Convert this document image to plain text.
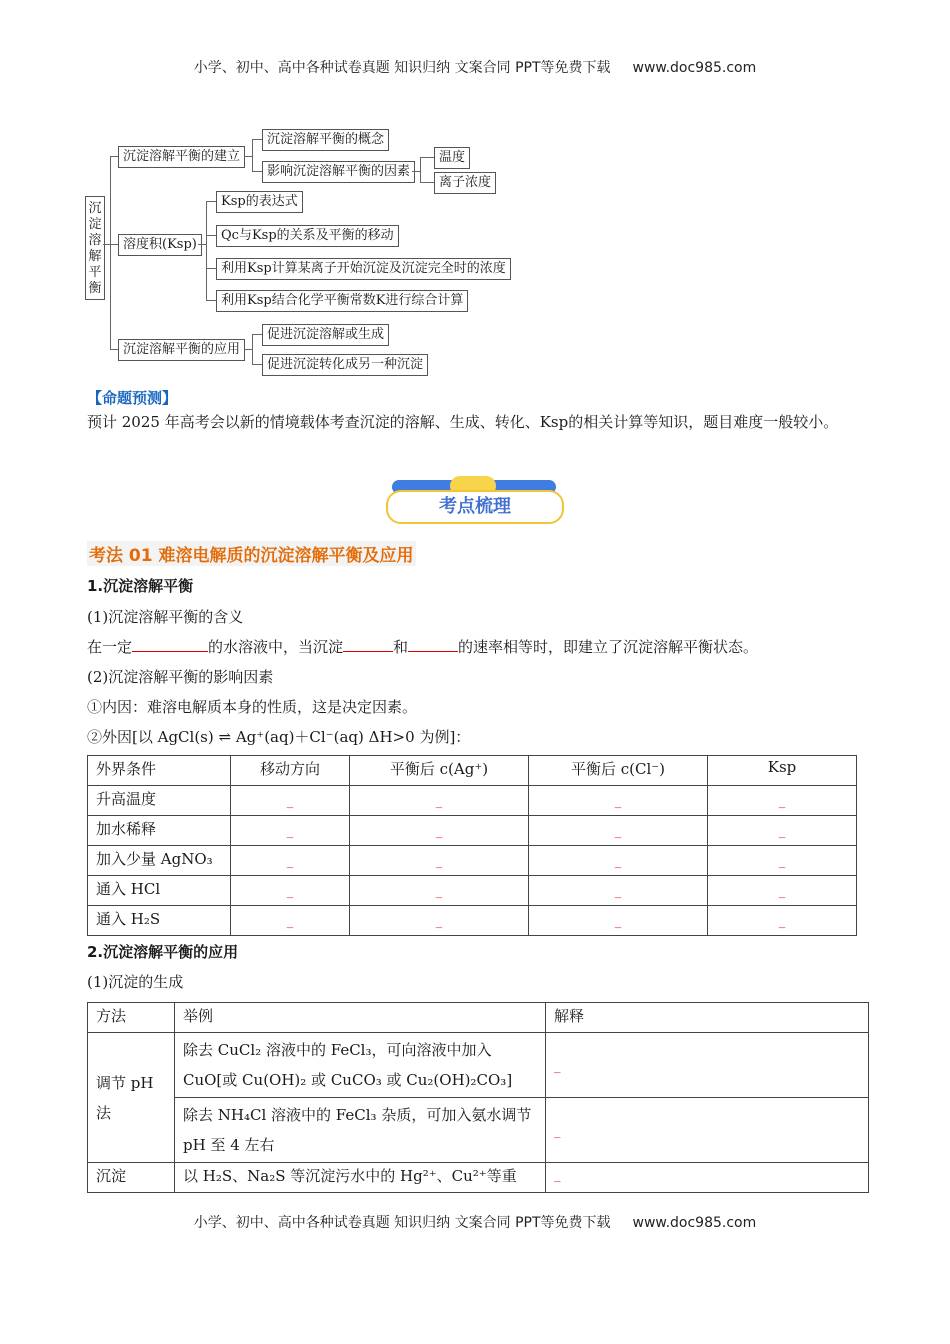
小学、初中、高中各种试卷真题 知识归纳 文案合同 PPT等免费下载 www.doc985.com
沉
淀
溶
解
平
衡
沉淀溶解平衡的建立
沉淀溶解平衡的概念
影响沉淀溶解平衡的因素
温度
离子浓度
溶度积(Ksp)
Ksp的表达式
Qc与Ksp的关系及平衡的移动
利用Ksp计算某离子开始沉淀及沉淀完全时的浓度
利用Ksp结合化学平衡常数K进行综合计算
沉淀溶解平衡的应用
促进沉淀溶解或生成
促进沉淀转化成另一种沉淀
【命题预测】
预计 2025 年高考会以新的情境载体考查沉淀的溶解、生成、转化、Ksp的相关计算等知识，题目难度一般较小。
考点梳理
考法 01 难溶电解质的沉淀溶解平衡及应用
1.沉淀溶解平衡
(1)沉淀溶解平衡的含义
在一定	的水溶液中，当沉淀	和	的速率相等时，即建立了沉淀溶解平衡状态。
(2)沉淀溶解平衡的影响因素
①内因：难溶电解质本身的性质，这是决定因素。
②外因[以 AgCl(s) ⇌ Ag⁺(aq)＋Cl⁻(aq) ΔH>0 为例]：
外界条件	移动方向	平衡后 c(Ag⁺)	平衡后 c(Cl⁻)	Ksp
升高温度	_	_	_	_

加水稀释	_	_	_	_

加入少量 AgNO₃	_	_	_	_

通入 HCl	_	_	_	_

通入 H₂S	_	_	_	_
2.沉淀溶解平衡的应用
(1)沉淀的生成
方法	举例	解释
调节 pH 法	除去 CuCl₂ 溶液中的 FeCl₃，可向溶液中加入 CuO[或 Cu(OH)₂ 或 CuCO₃ 或 Cu₂(OH)₂CO₃]	_
	除去 NH₄Cl 溶液中的 FeCl₃ 杂质，可加入氨水调节 pH 至 4 左右	_
沉淀	以 H₂S、Na₂S 等沉淀污水中的 Hg²⁺、Cu²⁺等重	_
小学、初中、高中各种试卷真题 知识归纳 文案合同 PPT等免费下载 www.doc985.com
